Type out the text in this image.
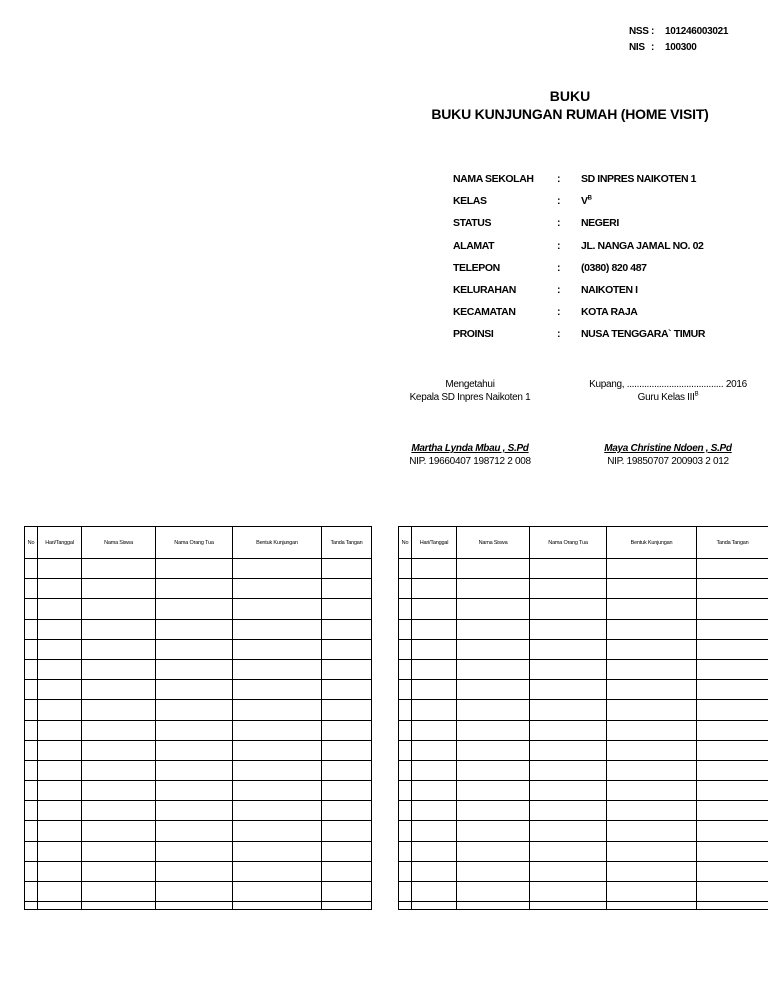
NSS :	101246003021
NIS :	100300
BUKU
BUKU KUNJUNGAN RUMAH (HOME VISIT)
NAMA SEKOLAH	:	SD INPRES NAIKOTEN 1
KELAS	:	$V^B$
STATUS	:	NEGERI
ALAMAT	:	JL. NANGA JAMAL NO. 02
TELEPON	:	(0380) 820 487
KELURAHAN	:	NAIKOTEN I
KECAMATAN	:	KOTA RAJA
PROINSI	:	NUSA TENGGARA` TIMUR
Mengetahui
Kepala SD Inpres Naikoten 1
Martha Lynda Mbau , S.Pd
NIP. 19660407 198712 2 008
Kupang, ....................................... 2016
Guru Kelas $III^B$
Maya Christine Ndoen , S.Pd
NIP. 19850707 200903 2 012
No	Hari/Tanggal	Nama Siswa	Nama Orang Tua	Bentuk Kunjungan	Tanda Tangan

						No	Hari/Tanggal	Nama Siswa	Nama Orang Tua	Bentuk Kunjungan	Tanda Tangan
